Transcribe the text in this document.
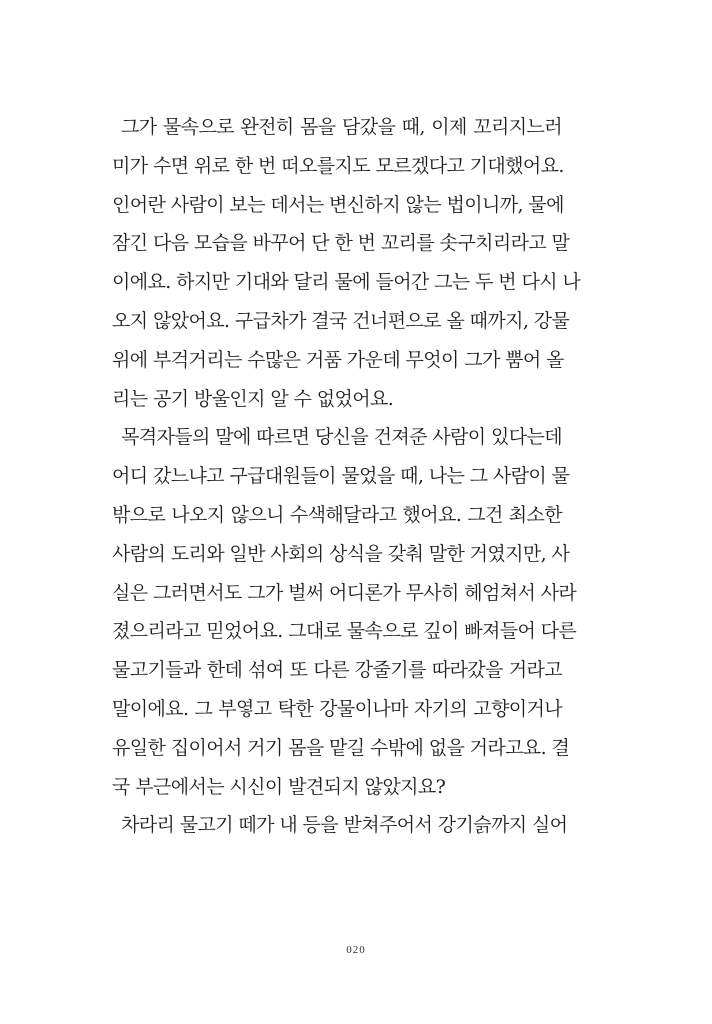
그가 물속으로 완전히 몸을 담갔을 때, 이제 꼬리지느러
미가 수면 위로 한 번 떠오를지도 모르겠다고 기대했어요.
인어란 사람이 보는 데서는 변신하지 않는 법이니까, 물에
잠긴 다음 모습을 바꾸어 단 한 번 꼬리를 솟구치리라고 말
이에요. 하지만 기대와 달리 물에 들어간 그는 두 번 다시 나
오지 않았어요. 구급차가 결국 건너편으로 올 때까지, 강물
위에 부걱거리는 수많은 거품 가운데 무엇이 그가 뿜어 올
리는 공기 방울인지 알 수 없었어요.
목격자들의 말에 따르면 당신을 건져준 사람이 있다는데
어디 갔느냐고 구급대원들이 물었을 때, 나는 그 사람이 물
밖으로 나오지 않으니 수색해달라고 했어요. 그건 최소한
사람의 도리와 일반 사회의 상식을 갖춰 말한 거였지만, 사
실은 그러면서도 그가 벌써 어디론가 무사히 헤엄쳐서 사라
졌으리라고 믿었어요. 그대로 물속으로 깊이 빠져들어 다른
물고기들과 한데 섞여 또 다른 강줄기를 따라갔을 거라고
말이에요. 그 부옇고 탁한 강물이나마 자기의 고향이거나
유일한 집이어서 거기 몸을 맡길 수밖에 없을 거라고요. 결
국 부근에서는 시신이 발견되지 않았지요?
차라리 물고기 떼가 내 등을 받쳐주어서 강기슭까지 실어
020
